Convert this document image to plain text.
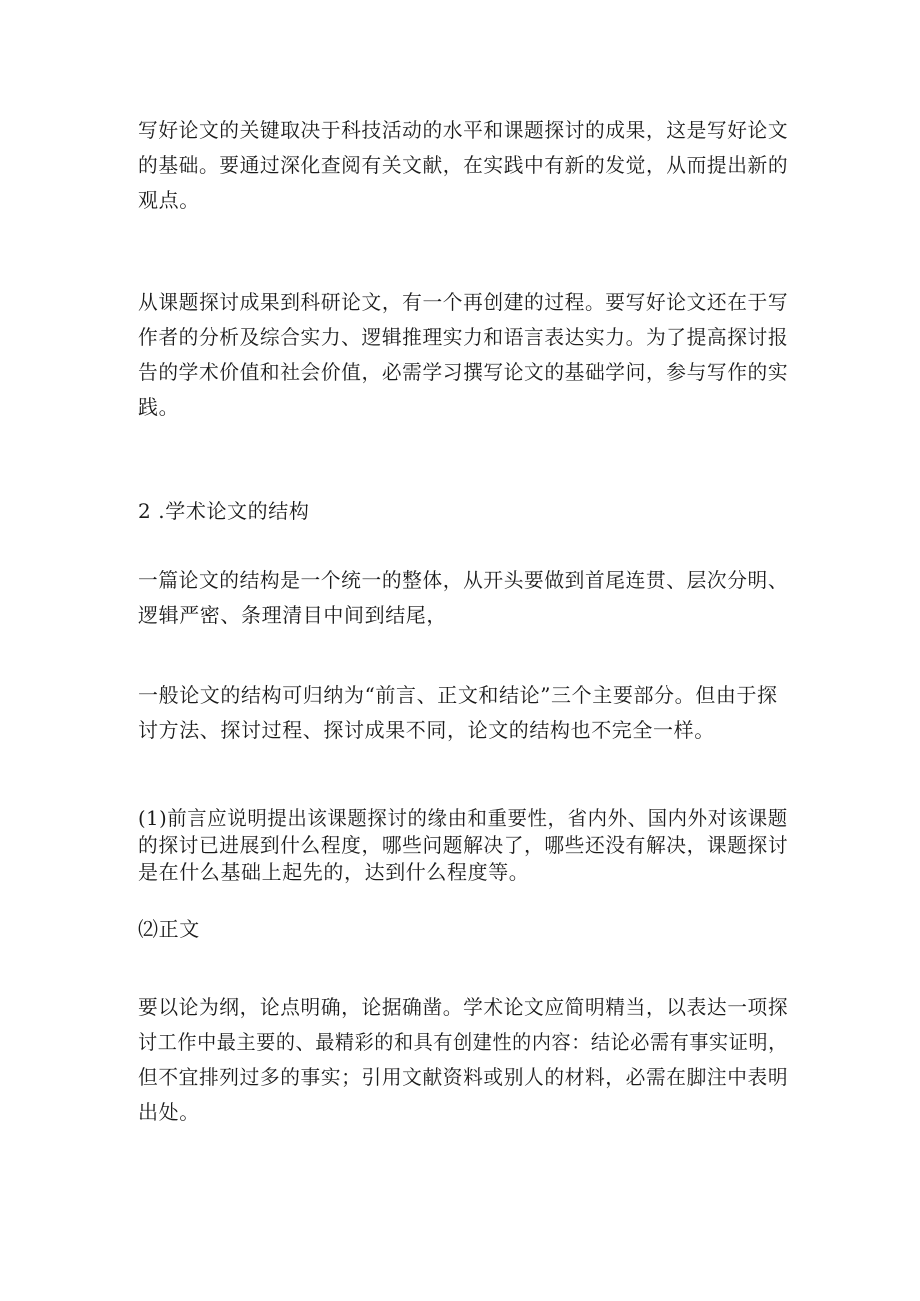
写好论文的关键取决于科技活动的水平和课题探讨的成果，这是写好论文
的基础。要通过深化查阅有关文献，在实践中有新的发觉，从而提出新的
观点。
从课题探讨成果到科研论文，有一个再创建的过程。要写好论文还在于写
作者的分析及综合实力、逻辑推理实力和语言表达实力。为了提高探讨报
告的学术价值和社会价值，必需学习撰写论文的基础学问，参与写作的实
践。
2 .学术论文的结构
一篇论文的结构是一个统一的整体，从开头要做到首尾连贯、层次分明、
逻辑严密、条理清目中间到结尾，
一般论文的结构可归纳为“前言、正文和结论”三个主要部分。但由于探
讨方法、探讨过程、探讨成果不同，论文的结构也不完全一样。
(1)前言应说明提出该课题探讨的缘由和重要性，省内外、国内外对该课题
的探讨已进展到什么程度，哪些问题解决了，哪些还没有解决，课题探讨
是在什么基础上起先的，达到什么程度等。
⑵正文
要以论为纲，论点明确，论据确凿。学术论文应简明精当，以表达一项探
讨工作中最主要的、最精彩的和具有创建性的内容：结论必需有事实证明，
但不宜排列过多的事实；引用文献资料或别人的材料，必需在脚注中表明
出处。
